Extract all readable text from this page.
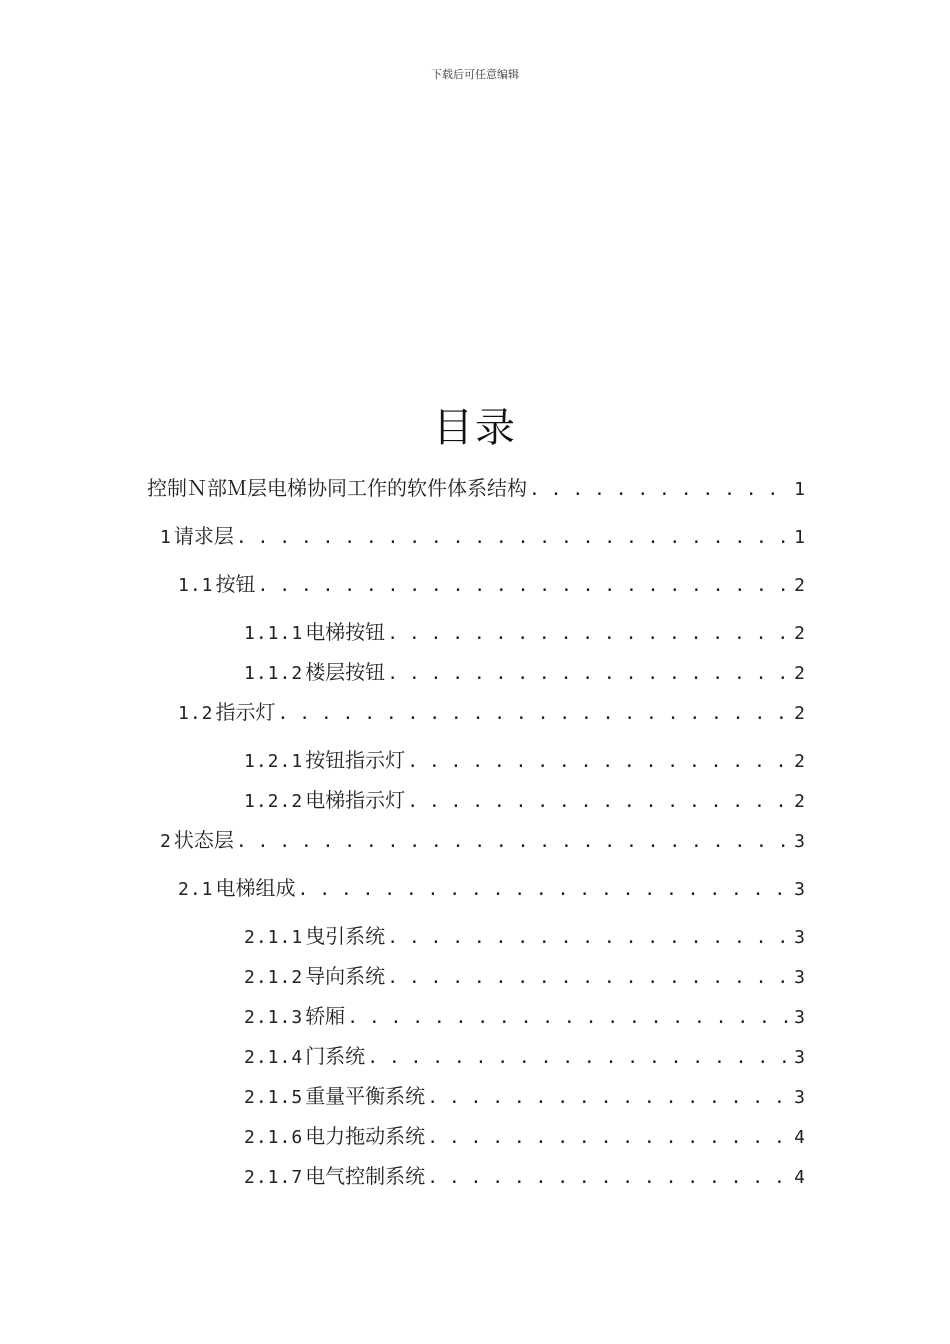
下载后可任意编辑
目录
控制Ｎ部Ｍ层电梯协同工作的软件体系结构 . . .	1
1 请求层 . . .	1
1.1 按钮 . . .	2
1.1.1 电梯按钮 . . .	2
1.1.2 楼层按钮 . . .	2
1.2 指示灯 . . .	2
1.2.1 按钮指示灯 . . .	2
1.2.2 电梯指示灯 . . .	2
2 状态层 . . .	3
2.1 电梯组成 . . .	3
2.1.1 曳引系统 . . .	3
2.1.2 导向系统 . . .	3
2.1.3 轿厢 . . .	3
2.1.4 门系统 . . .	3
2.1.5 重量平衡系统 . . .	3
2.1.6 电力拖动系统 . . .	4
2.1.7 电气控制系统 . . .	4
